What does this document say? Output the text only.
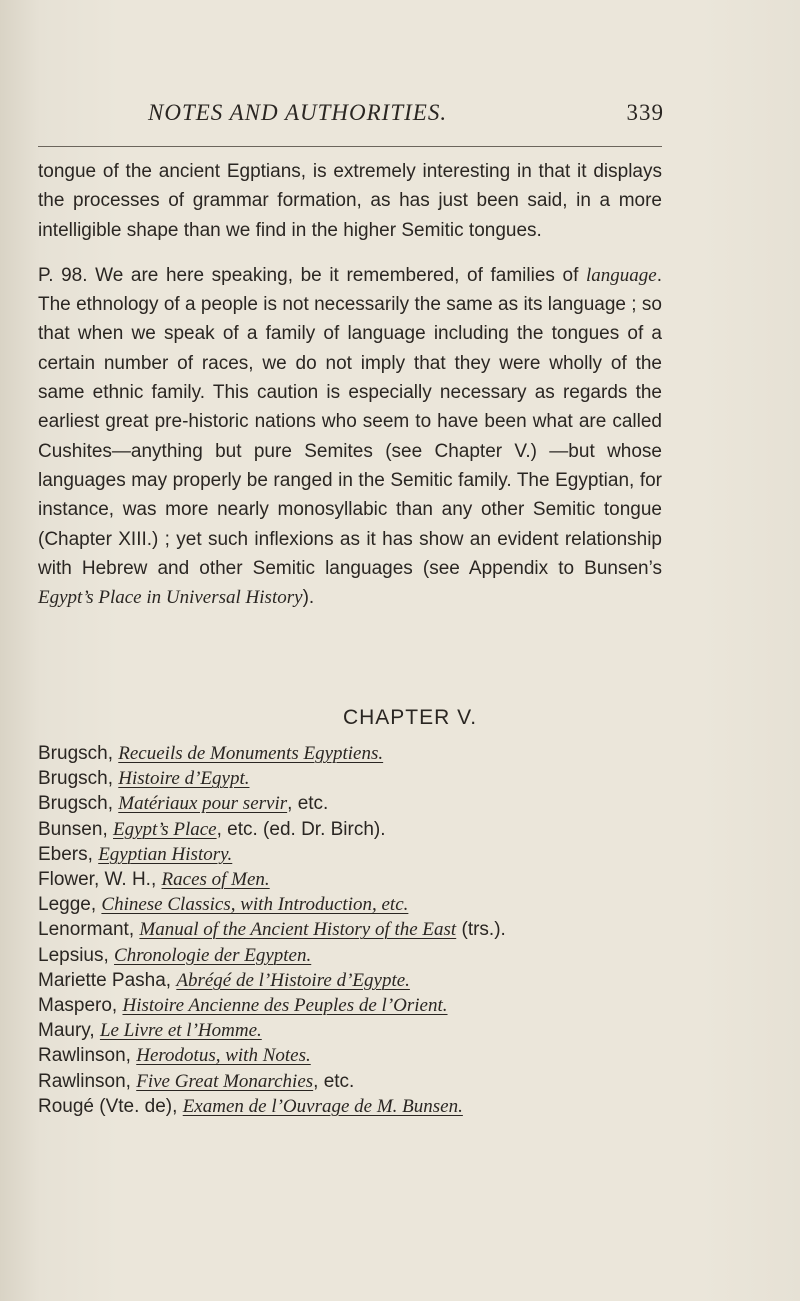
NOTES AND AUTHORITIES.	339

tongue of the ancient Egptians, is extremely interesting in that it displays the processes of grammar formation, as has just been said, in a more intelligible shape than we find in the higher Semitic tongues.

P. 98. We are here speaking, be it remembered, of families of language. The ethnology of a people is not necessarily the same as its language ; so that when we speak of a family of language including the tongues of a certain number of races, we do not imply that they were wholly of the same ethnic family. This caution is especially necessary as regards the earliest great pre-historic nations who seem to have been what are called Cushites—anything but pure Semites (see Chapter V.) —but whose languages may properly be ranged in the Semitic family. The Egyptian, for instance, was more nearly monosyllabic than any other Semitic tongue (Chapter XIII.) ; yet such inflexions as it has show an evident relationship with Hebrew and other Semitic languages (see Appendix to Bunsen’s Egypt’s Place in Universal History).

CHAPTER V.
Brugsch, Recueils de Monuments Egyptiens.
Brugsch, Histoire d’Egypt.
Brugsch, Matériaux pour servir, etc.
Bunsen, Egypt’s Place, etc. (ed. Dr. Birch).
Ebers, Egyptian History.
Flower, W. H., Races of Men.
Legge, Chinese Classics, with Introduction, etc.
Lenormant, Manual of the Ancient History of the East (trs.).
Lepsius, Chronologie der Egypten.
Mariette Pasha, Abrégé de l’Histoire d’Egypte.
Maspero, Histoire Ancienne des Peuples de l’Orient.
Maury, Le Livre et l’Homme.
Rawlinson, Herodotus, with Notes.
Rawlinson, Five Great Monarchies, etc.
Rougé (Vte. de), Examen de l’Ouvrage de M. Bunsen.
